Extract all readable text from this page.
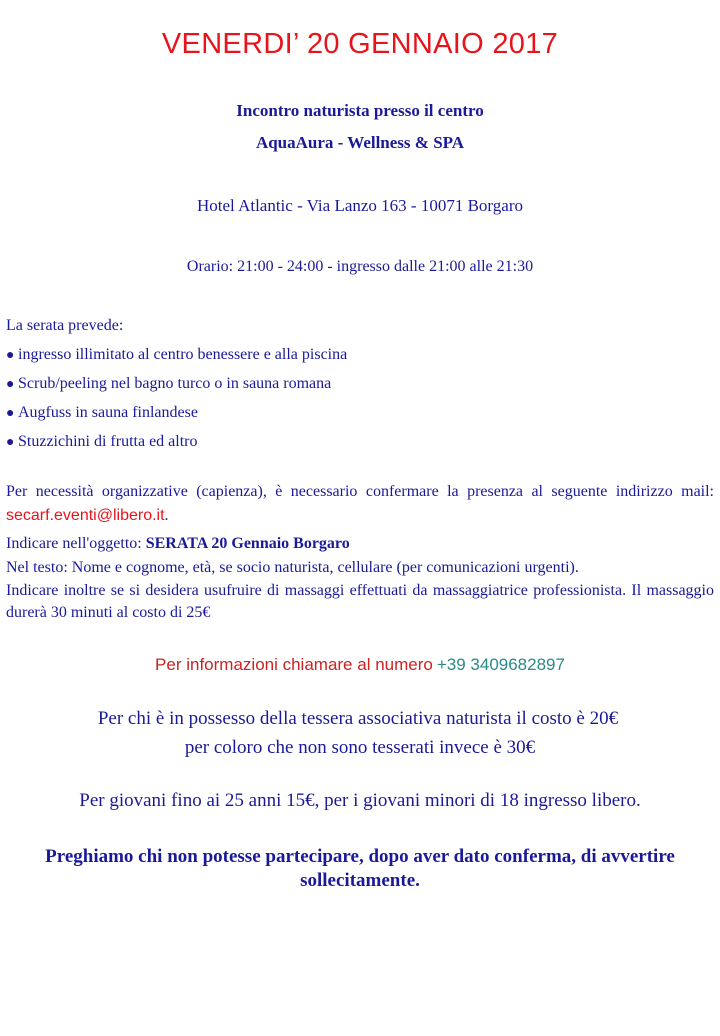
VENERDI’ 20 GENNAIO 2017
Incontro naturista presso il centro
AquaAura - Wellness & SPA
Hotel Atlantic - Via Lanzo 163 - 10071 Borgaro
Orario: 21:00 - 24:00 - ingresso dalle 21:00 alle 21:30
La serata prevede:
● ingresso illimitato al centro benessere e alla piscina
● Scrub/peeling nel bagno turco o in sauna romana
● Augfuss in sauna finlandese
● Stuzzichini di frutta ed altro
Per necessità organizzative (capienza), è necessario confermare la presenza al seguente indirizzo mail: secarf.eventi@libero.it.
Indicare nell'oggetto: SERATA 20 Gennaio Borgaro
Nel testo: Nome e cognome, età, se socio naturista, cellulare (per comunicazioni urgenti).
Indicare inoltre se si desidera usufruire di massaggi effettuati da massaggiatrice professionista. Il massaggio durerà 30 minuti al costo di 25€
Per informazioni chiamare al numero +39 3409682897
Per chi è in possesso della tessera associativa naturista il costo è 20€
per coloro che non sono tesserati invece è 30€
Per giovani fino ai 25 anni 15€, per i giovani minori di 18 ingresso libero.
Preghiamo chi non potesse partecipare, dopo aver dato conferma, di avvertire
sollecitamente.
